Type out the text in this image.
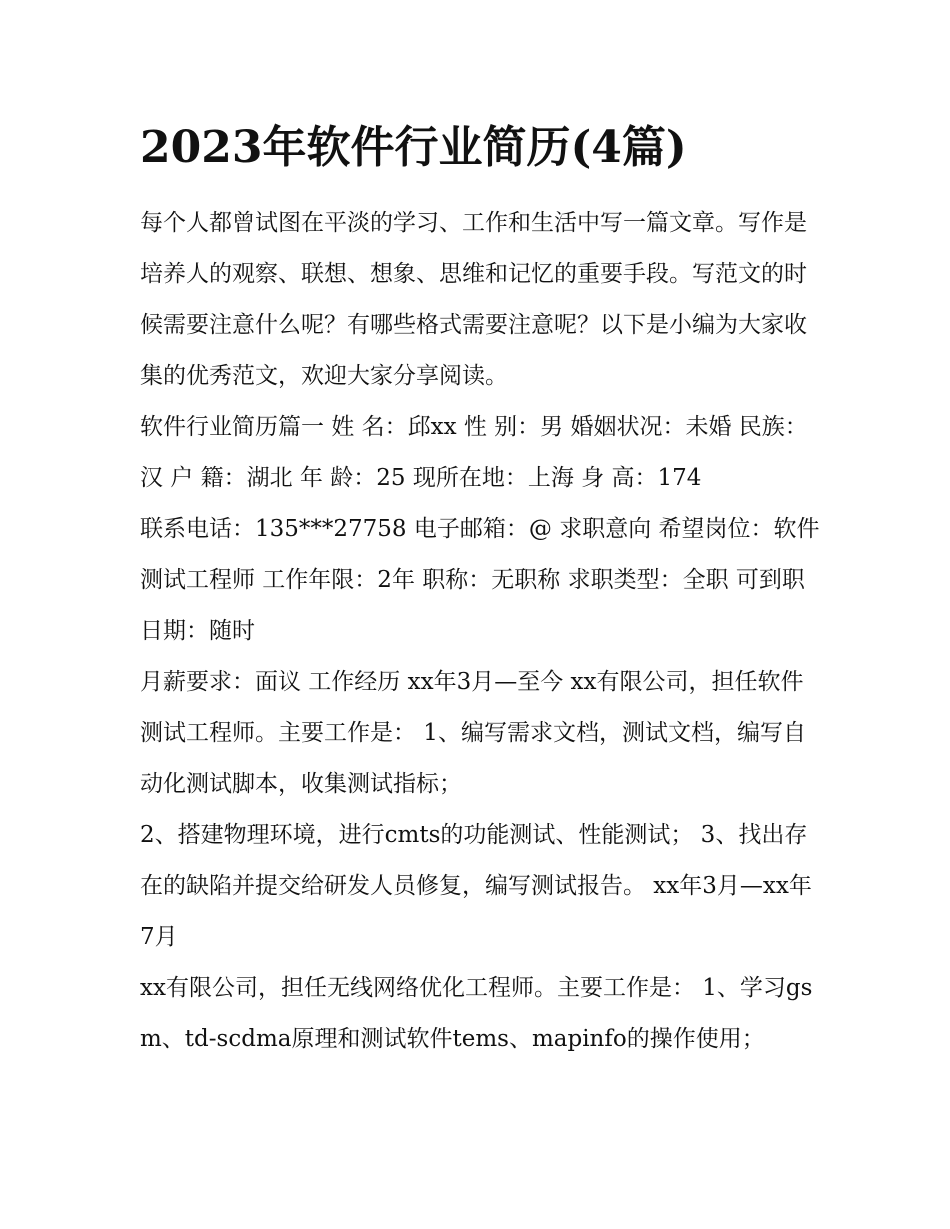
2023年软件行业简历(4篇)

每个人都曾试图在平淡的学习、工作和生活中写一篇文章。写作是培养人的观察、联想、想象、思维和记忆的重要手段。写范文的时候需要注意什么呢？有哪些格式需要注意呢？以下是小编为大家收集的优秀范文，欢迎大家分享阅读。

软件行业简历篇一 姓 名：邱xx 性 别：男 婚姻状况：未婚 民族：汉 户 籍：湖北 年 龄：25 现所在地：上海 身 高：174

联系电话：135***27758 电子邮箱：@ 求职意向 希望岗位：软件测试工程师 工作年限：2年 职称：无职称 求职类型：全职 可到职日期：随时

月薪要求：面议 工作经历 xx年3月—至今 xx有限公司，担任软件测试工程师。主要工作是： 1、编写需求文档，测试文档，编写自动化测试脚本，收集测试指标；

2、搭建物理环境，进行cmts的功能测试、性能测试； 3、找出存在的缺陷并提交给研发人员修复，编写测试报告。 xx年3月—xx年7月

xx有限公司，担任无线网络优化工程师。主要工作是： 1、学习gsm、td-scdma原理和测试软件tems、mapinfo的操作使用；
